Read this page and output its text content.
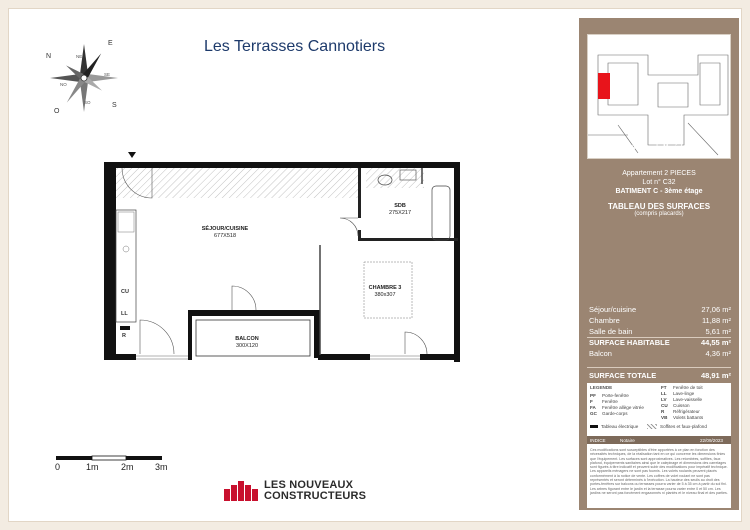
Les Terrasses Cannotiers
N
E
S
O
NE
NO
SE
SO
SÉJOUR/CUISINE
677X518
SDB
275X217
CHAMBRE 3
380x307
BALCON
300X120
CU
LL
R
0	1m 2m 3m
LES NOUVEAUX
CONSTRUCTEURS
66-78, Avenue du Maréchal Foch
77 100 MEAUX
Appartement 2 PIECES
Lot n° C32
BATIMENT C - 3ème étage
TABLEAU DES SURFACES
(compris placards)
Séjour/cuisine	27,06 m²
Chambre	11,88 m²
Salle de bain	5,61 m²
SURFACE HABITABLE	44,55 m²
Balcon	4,36 m²
SURFACE TOTALE	48,91 m²
LEGENDE
PF	Porte-fenêtre
F	Fenêtre
FA	Fenêtre allège vitrée
GC	Garde-corps
FT	Fenêtre de toit
LL	Lave-linge
LV	Lave-vaisselle
CU	Cuisson
R	Réfrigérateur
VB	Volets battants
Tableau électrique	Soffites et faux-plafond
INDICE	Notaire	22/09/2023
Ces modifications sont susceptibles d'être apportées à ce plan en fonction des nécessités techniques, de la réalisation tant en ce qui concerne les dimensions finies que l'équipement. Les surfaces sont approximatives. Les retombées, soffites, faux plafond, équipements sanitaires ainsi que le calepinage et dimensions des carrelages sont figurés à titre indicatif et peuvent subir des modifications pour impératif technique. Les appareils ménagers ne sont pas fournis. Les volets roulants peuvent placés conformément à la notice de vente. Les coffres de volet roulant ne sont pas représentés et seront déterminés à l'exécution. La hauteur des seuils au droit des portes-fenêtres sur balcons ou terrasses pourra varier de 5 à 35 cm à partir du sol fini. Les arbres figurant entre le jardin et la terrasse pourra varier entre 0 et 50 cm. Les jardins ne seront pas forcément engazonnés ni plantés et le niveau final et des parties.
